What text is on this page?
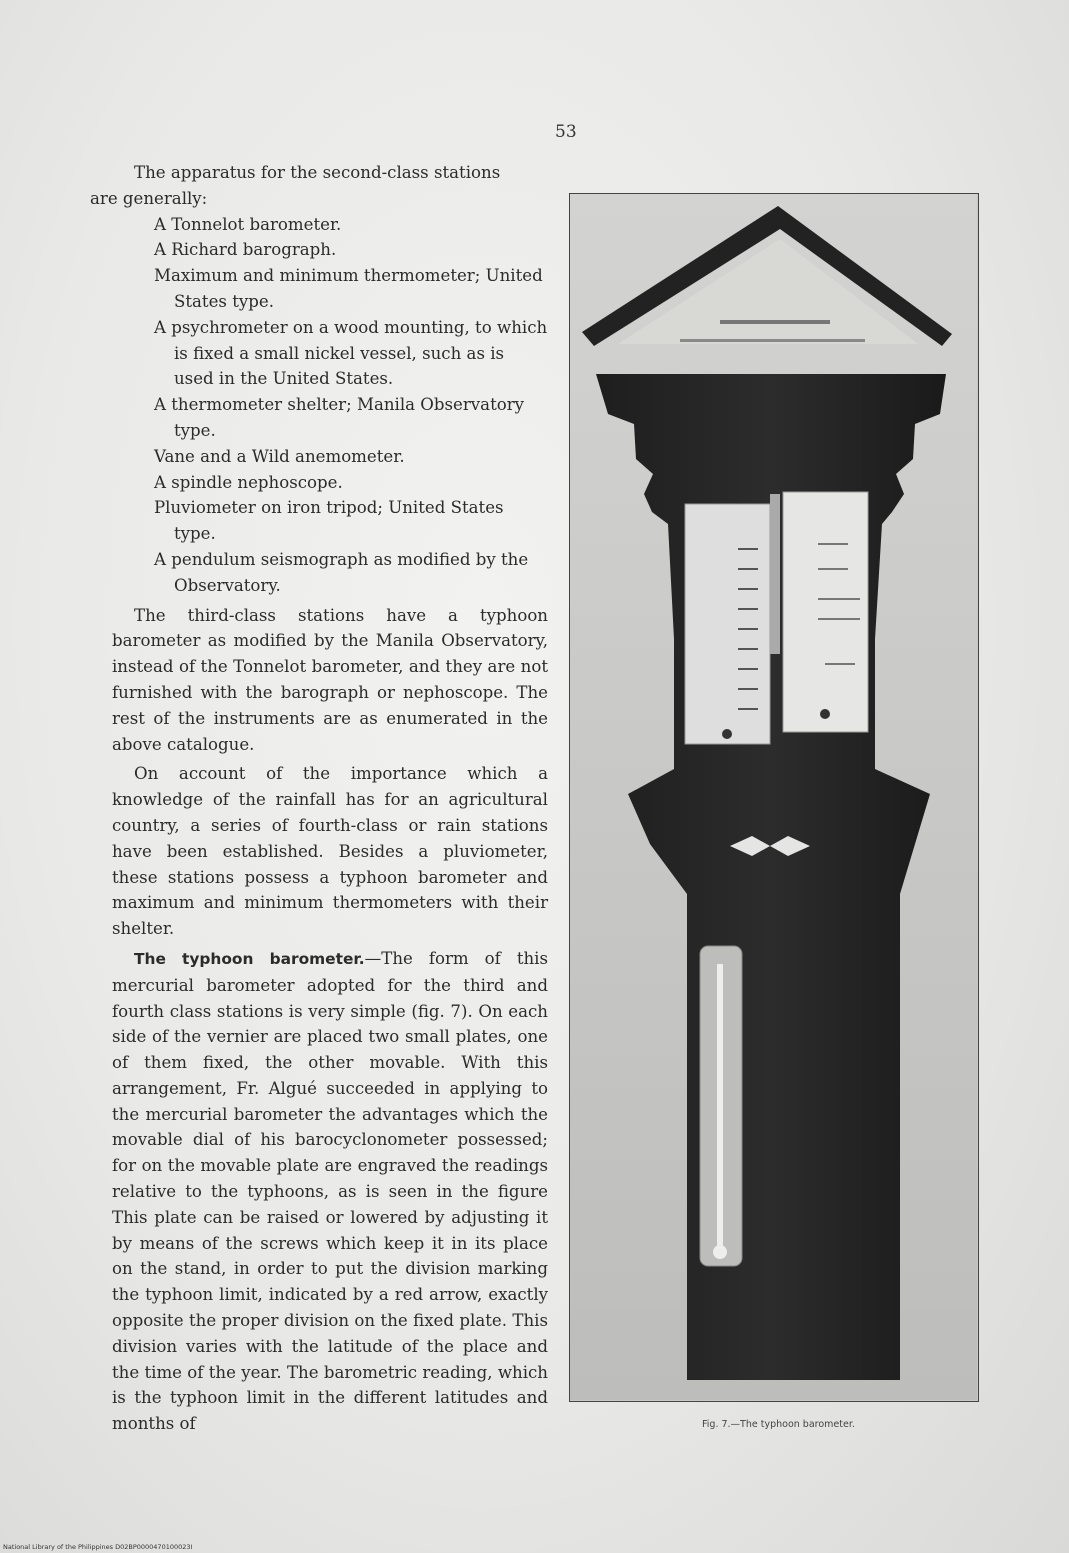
53

The apparatus for the second-class stations
are generally:

A Tonnelot barometer.
A Richard barograph.
Maximum and minimum thermometer; United States type.
A psychrometer on a wood mounting, to which is fixed a small nickel vessel, such as is used in the United States.
A thermometer shelter; Manila Observatory type.
Vane and a Wild anemometer.
A spindle nephoscope.
Pluviometer on iron tripod; United States type.
A pendulum seismograph as modified by the Observatory.

The third-class stations have a typhoon barometer as modified by the Manila Observatory, instead of the Tonnelot barometer, and they are not furnished with the barograph or nephoscope. The rest of the instruments are as enumerated in the above catalogue.

On account of the importance which a knowledge of the rainfall has for an agricultural country, a series of fourth-class or rain stations have been established. Besides a pluviometer, these stations possess a typhoon barometer and maximum and minimum thermometers with their shelter.

The typhoon barometer.—The form of this mercurial barometer adopted for the third and fourth class stations is very simple (fig. 7). On each side of the vernier are placed two small plates, one of them fixed, the other movable. With this arrangement, Fr. Algué succeeded in applying to the mercurial barometer the advantages which the movable dial of his barocyclonometer possessed; for on the movable plate are engraved the readings relative to the typhoons, as is seen in the figure This plate can be raised or lowered by adjusting it by means of the screws which keep it in its place on the stand, in order to put the division marking the typhoon limit, indicated by a red arrow, exactly opposite the proper division on the fixed plate. This division varies with the latitude of the place and the time of the year. The barometric reading, which is the typhoon limit in the different latitudes and months of	Fig. 7.—The typhoon barometer.
National Library of the Philippines D02BP0000470100023I
